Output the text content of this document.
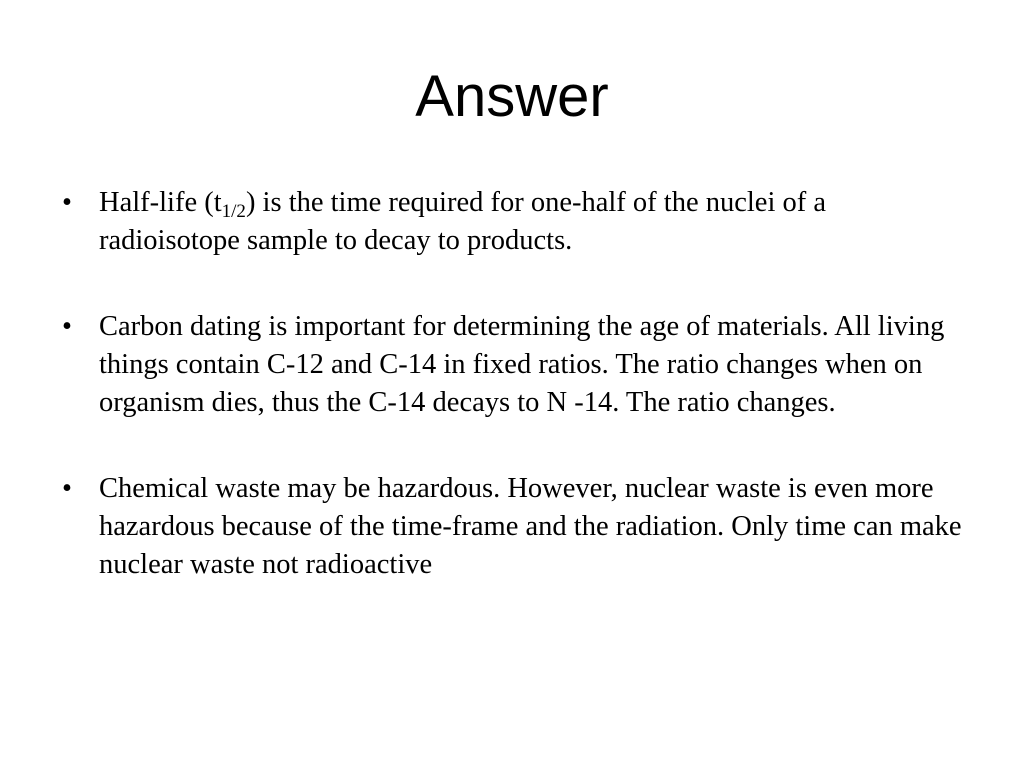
Answer
• Half-life $(t_{1/2})$ is the time required for one-half of the nuclei of a radioisotope sample to decay to products.
• Carbon dating is important for determining the age of materials. All living things contain C-12 and C-14 in fixed ratios. The ratio changes when on organism dies, thus the C-14 decays to N -14. The ratio changes.
• Chemical waste may be hazardous. However, nuclear waste is even more hazardous because of the time-frame and the radiation. Only time can make nuclear waste not radioactive
